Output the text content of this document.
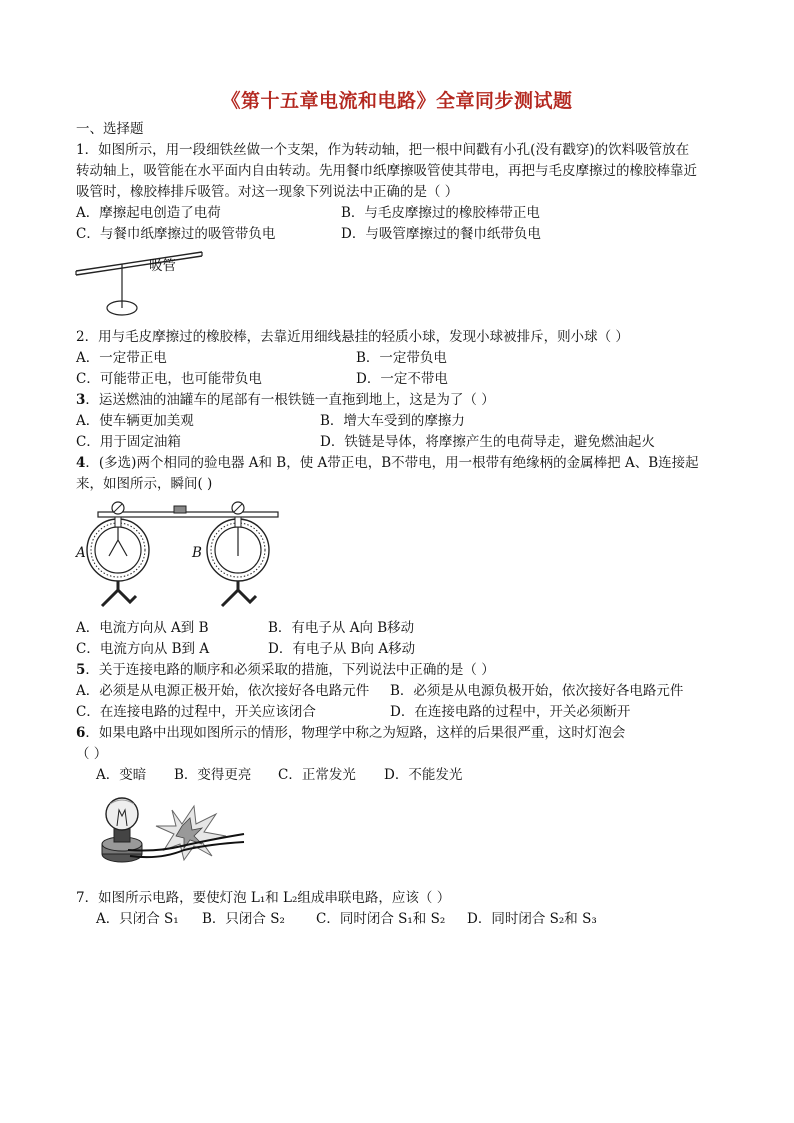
《第十五章电流和电路》全章同步测试题
一、选择题
1．如图所示，用一段细铁丝做一个支架，作为转动轴，把一根中间戳有小孔(没有戳穿)的饮料吸管放在
转动轴上，吸管能在水平面内自由转动。先用餐巾纸摩擦吸管使其带电，再把与毛皮摩擦过的橡胶棒靠近
吸管时，橡胶棒排斥吸管。对这一现象下列说法中正确的是（ ）
A．摩擦起电创造了电荷	B．与毛皮摩擦过的橡胶棒带正电
C．与餐巾纸摩擦过的吸管带负电	D．与吸管摩擦过的餐巾纸带负电
吸管
2．用与毛皮摩擦过的橡胶棒，去靠近用细线悬挂的轻质小球，发现小球被排斥，则小球（ ）
A．一定带正电	B．一定带负电
C．可能带正电，也可能带负电	D．一定不带电
3．运送燃油的油罐车的尾部有一根铁链一直拖到地上，这是为了（ ）
A．使车辆更加美观	B．增大车受到的摩擦力
C．用于固定油箱	D．铁链是导体，将摩擦产生的电荷导走，避免燃油起火
4．(多选)两个相同的验电器 A和 B，使 A带正电，B不带电，用一根带有绝缘柄的金属棒把 A、B连接起
来，如图所示，瞬间( )
A	B
A．电流方向从 A到 B	B．有电子从 A向 B移动
C．电流方向从 B到 A	D．有电子从 B向 A移动
5．关于连接电路的顺序和必须采取的措施，下列说法中正确的是（ ）
A．必须是从电源正极开始，依次接好各电路元件 B．必须是从电源负极开始，依次接好各电路元件
C．在连接电路的过程中，开关应该闭合	D．在连接电路的过程中，开关必须断开
6．如果电路中出现如图所示的情形，物理学中称之为短路，这样的后果很严重，这时灯泡会
（ ）
A．变暗 B．变得更亮 C．正常发光 D．不能发光
7．如图所示电路，要使灯泡 L₁和 L₂组成串联电路，应该（ ）
A．只闭合 S₁ B．只闭合 S₂ C．同时闭合 S₁和 S₂ D．同时闭合 S₂和 S₃
